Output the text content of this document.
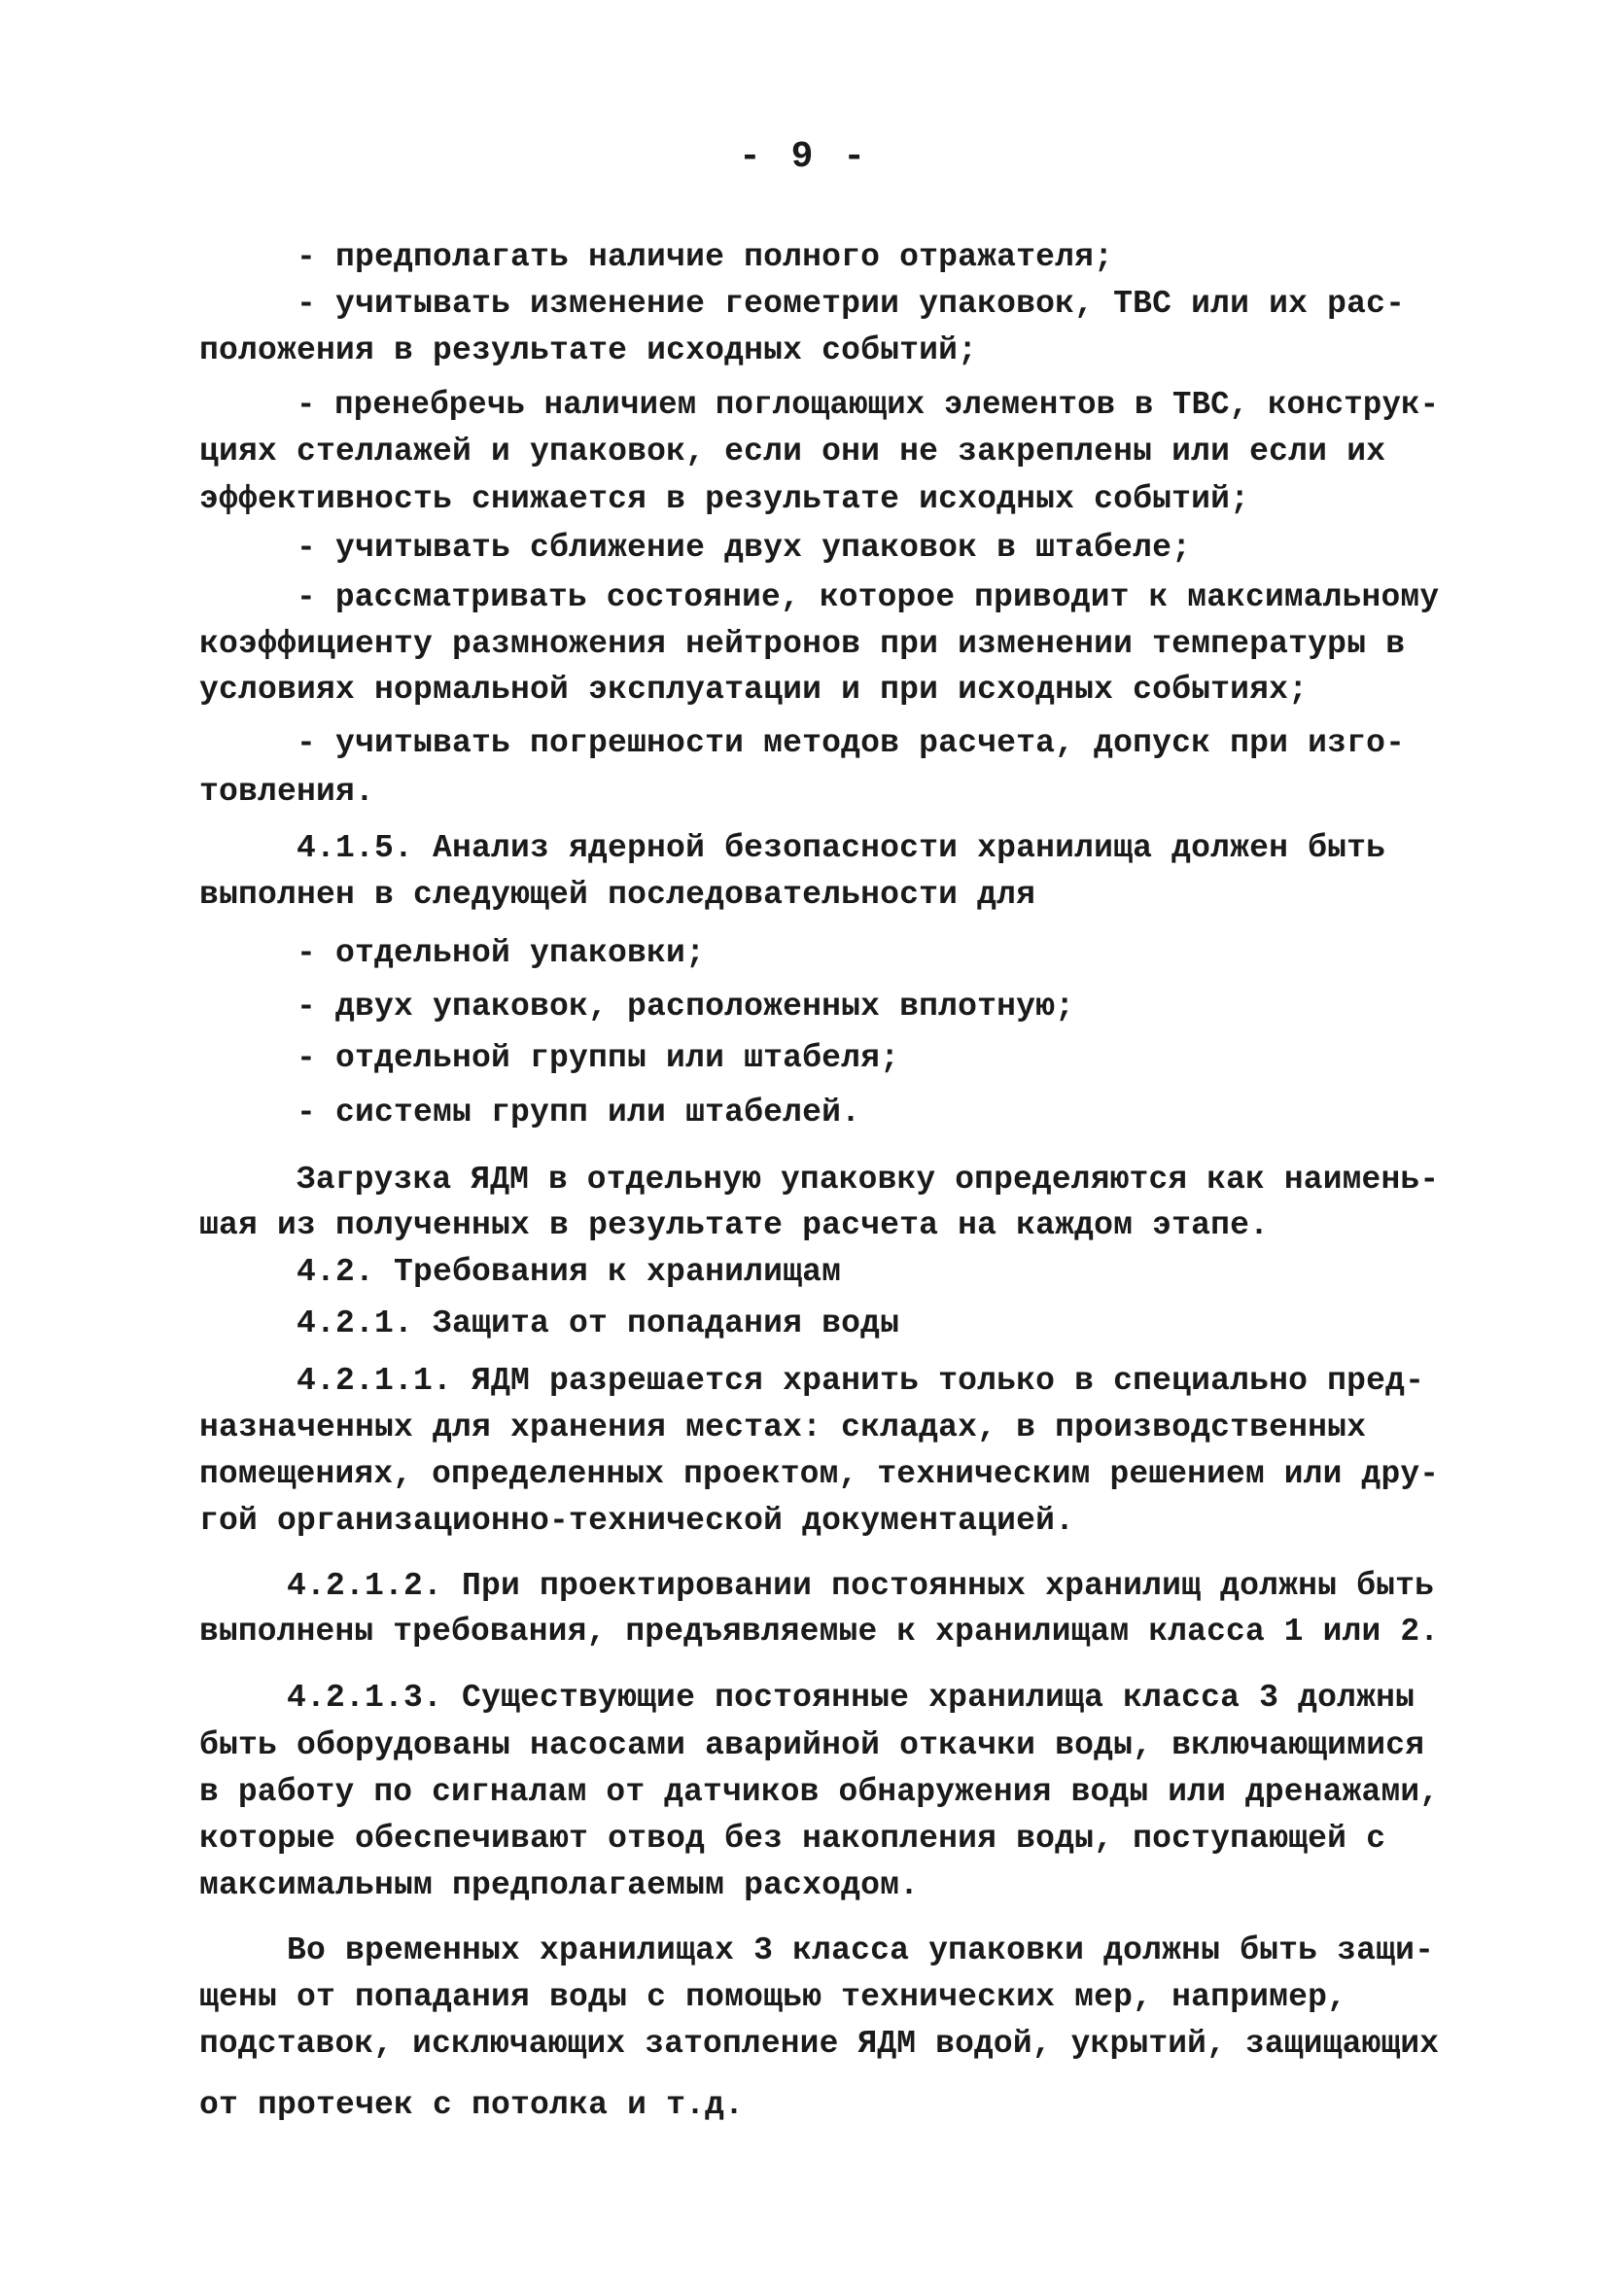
- 9 -
- предполагать наличие полного отражателя;
- учитывать изменение геометрии упаковок, ТВС или их рас-
положения в результате исходных событий;
- пренебречь наличием поглощающих элементов в ТВС, конструк-
циях стеллажей и упаковок, если они не закреплены или если их
эффективность снижается в результате исходных событий;
- учитывать сближение двух упаковок в штабеле;
- рассматривать состояние, которое приводит к максимальному
коэффициенту размножения нейтронов при изменении температуры в
условиях нормальной эксплуатации и при исходных событиях;
- учитывать погрешности методов расчета, допуск при изго-
товления.
4.1.5. Анализ ядерной безопасности хранилища должен быть
выполнен в следующей последовательности для
- отдельной упаковки;
- двух упаковок, расположенных вплотную;
- отдельной группы или штабеля;
- системы групп или штабелей.
Загрузка ЯДМ в отдельную упаковку определяются как наимень-
шая из полученных в результате расчета на каждом этапе.
4.2. Требования к хранилищам
4.2.1. Защита от попадания воды
4.2.1.1. ЯДМ разрешается хранить только в специально пред-
назначенных для хранения местах: складах, в производственных
помещениях, определенных проектом, техническим решением или дру-
гой организационно-технической документацией.
4.2.1.2. При проектировании постоянных хранилищ должны быть
выполнены требования, предъявляемые к хранилищам класса 1 или 2.
4.2.1.3. Существующие постоянные хранилища класса 3 должны
быть оборудованы насосами аварийной откачки воды, включающимися
в работу по сигналам от датчиков обнаружения воды или дренажами,
которые обеспечивают отвод без накопления воды, поступающей с
максимальным предполагаемым расходом.
Во временных хранилищах 3 класса упаковки должны быть защи-
щены от попадания воды с помощью технических мер, например,
подставок, исключающих затопление ЯДМ водой, укрытий, защищающих
от протечек с потолка и т.д.
